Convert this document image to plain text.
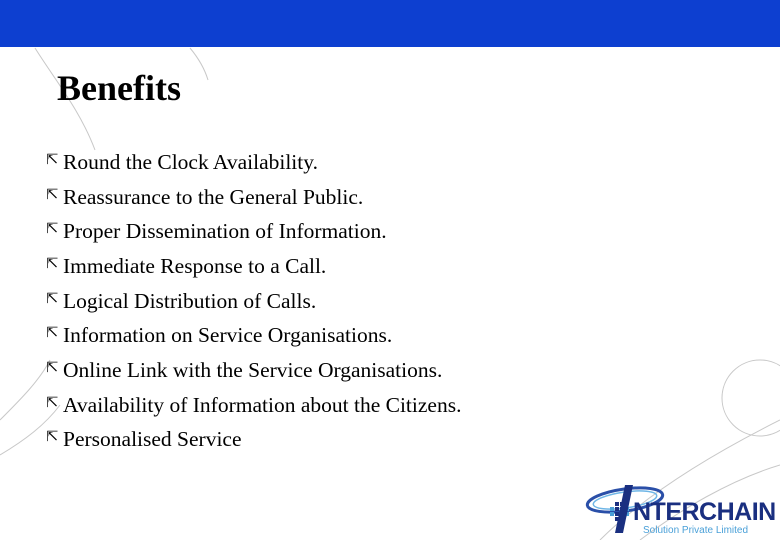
Benefits
⇱ Round the Clock Availability.
⇱ Reassurance to the General Public.
⇱ Proper Dissemination of Information.
⇱ Immediate Response to a Call.
⇱ Logical Distribution of Calls.
⇱ Information on Service Organisations.
⇱ Online Link with the Service Organisations.
⇱ Availability of Information about the Citizens.
⇱ Personalised Service
NTERCHAIN
Solution Private Limited
